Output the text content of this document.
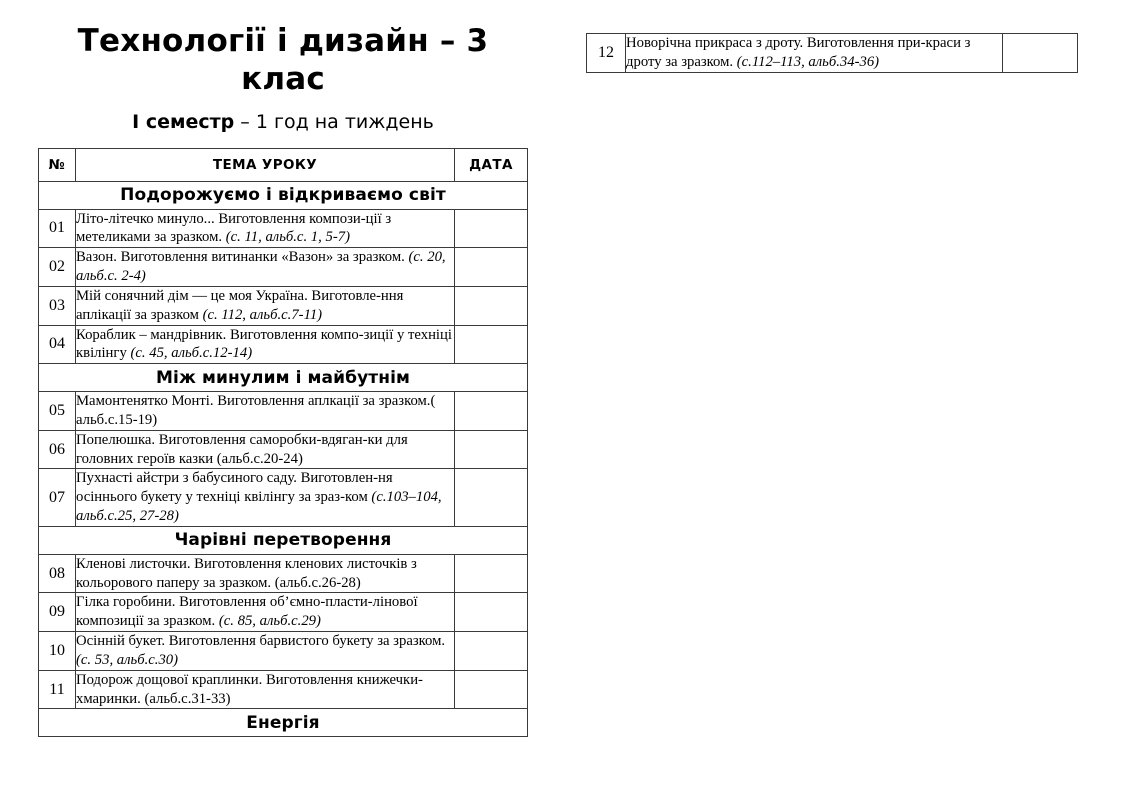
Технології і дизайн – 3 клас
І семестр – 1 год на тиждень
№	ТЕМА УРОКУ	ДАТА
Подорожуємо і відкриваємо світ		
01	Літо-літечко минуло... Виготовлення компози-ції з метеликами за зразком. (с. 11, альб.с. 1, 5-7)	
02	Вазон. Виготовлення витинанки «Вазон» за зразком. (с. 20, альб.с. 2-4)	
03	Мій сонячний дім — це моя Україна. Виготовле-ння аплікації за зразком (с. 112, альб.с.7-11)	
04	Кораблик – мандрівник. Виготовлення компо-зиції у техніці квілінгу (с. 45, альб.с.12-14)	
Між минулим і майбутнім		
05	Мамонтенятко Монті. Виготовлення аплкації за зразком.( альб.с.15-19)	
06	Попелюшка. Виготовлення саморобки-вдяган-ки для головних героїв казки (альб.с.20-24)	
07	Пухнасті айстри з бабусиного саду. Виготовлен-ня осіннього букету у техніці квілінгу за зраз-ком (с.103–104, альб.с.25, 27-28)	
Чарівні перетворення		
08	Кленові листочки. Виготовлення кленових листочків з кольорового паперу за зразком. (альб.с.26-28)	
09	Гілка горобини. Виготовлення об’ємно-пласти-лінової композиції за зразком. (с. 85, альб.с.29)	
10	Осінній букет. Виготовлення барвистого букету за зразком. (с. 53, альб.с.30)	
11	Подорож дощової краплинки. Виготовлення книжечки-хмаринки. (альб.с.31-33)	
Енергія		
12	Новорічна прикраса з дроту. Виготовлення при-краси з дроту за зразком. (с.112–113, альб.34-36)	
